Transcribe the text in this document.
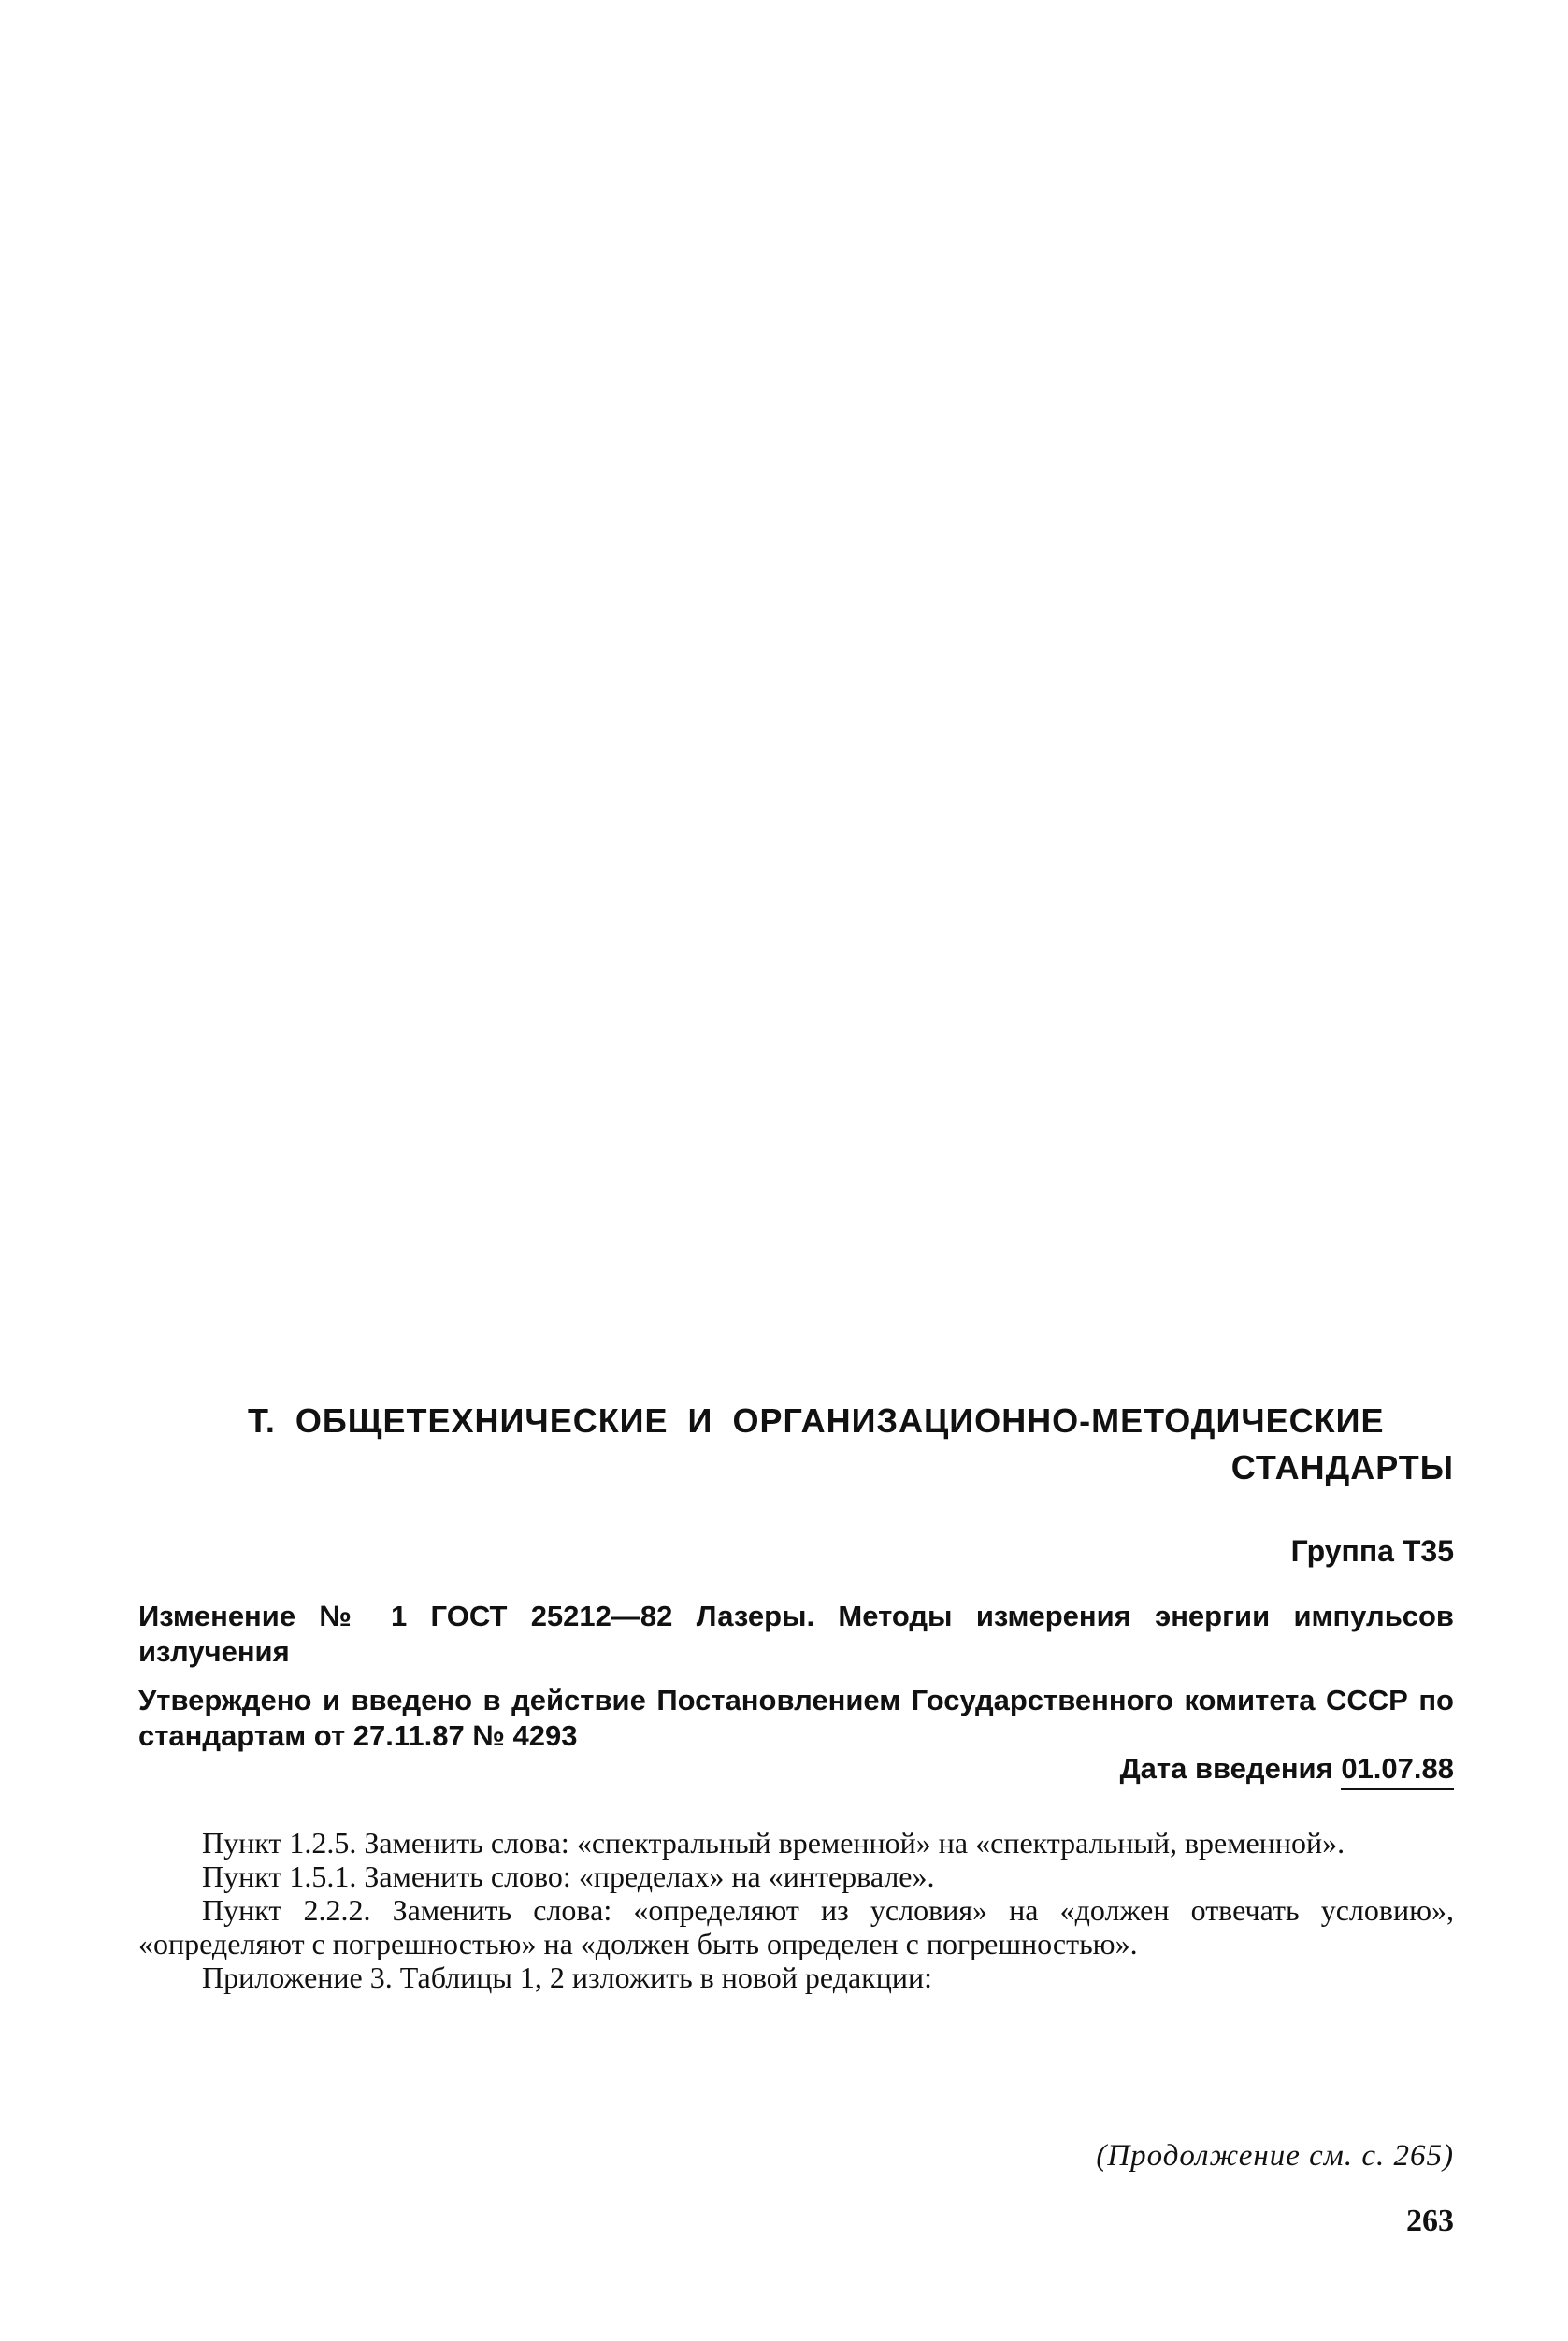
Т. ОБЩЕТЕХНИЧЕСКИЕ И ОРГАНИЗАЦИОННО-МЕТОДИЧЕСКИЕ
СТАНДАРТЫ
Группа Т35
Изменение № 1 ГОСТ 25212—82 Лазеры. Методы измерения энергии импульсов излучения
Утверждено и введено в действие Постановлением Государственного комитета СССР по стандартам от 27.11.87 № 4293
Дата введения 01.07.88

Пункт 1.2.5. Заменить слова: «спектральный временной» на «спектральный, временной».

Пункт 1.5.1. Заменить слово: «пределах» на «интервале».

Пункт 2.2.2. Заменить слова: «определяют из условия» на «должен отвечать условию», «определяют с погрешностью» на «должен быть определен с погрешностью».

Приложение 3. Таблицы 1, 2 изложить в новой редакции:

(Продолжение см. с. 265)
263
